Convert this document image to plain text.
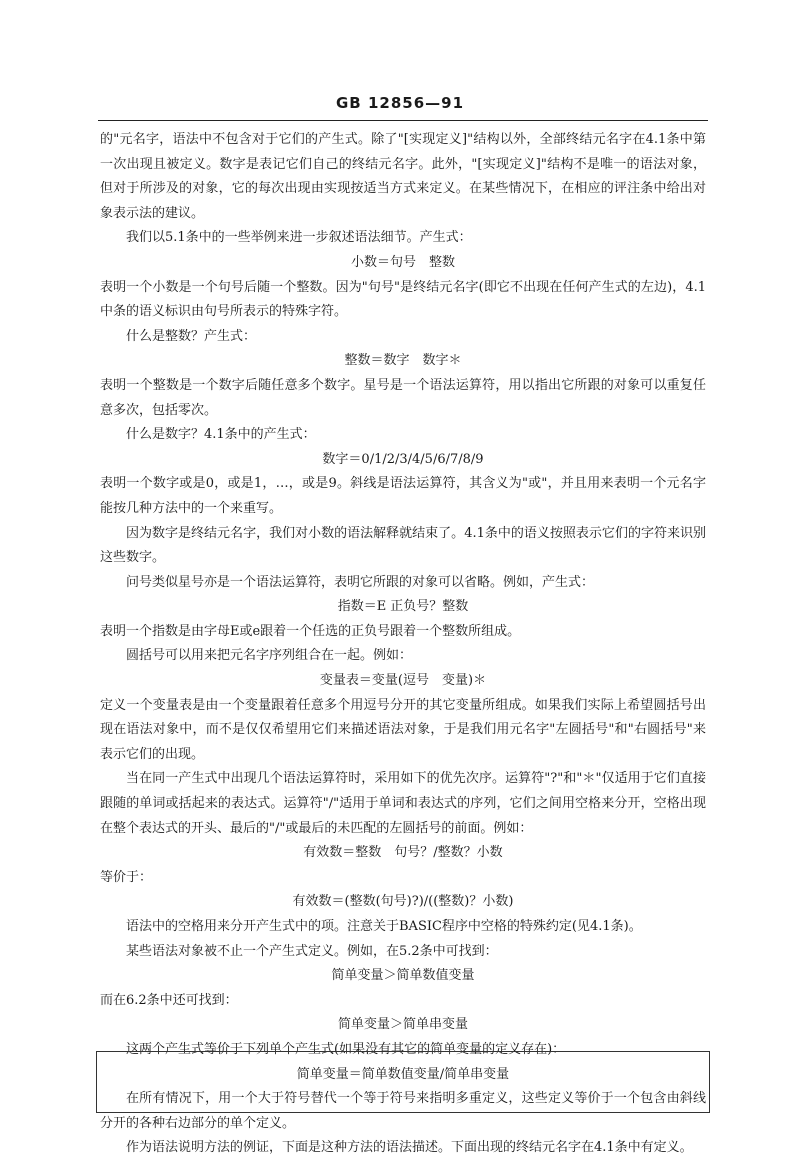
GB 12856—91

的"元名字，语法中不包含对于它们的产生式。除了"[实现定义]"结构以外，全部终结元名字在4.1条中第一次出现且被定义。数字是表记它们自己的终结元名字。此外，"[实现定义]"结构不是唯一的语法对象，但对于所涉及的对象，它的每次出现由实现按适当方式来定义。在某些情况下，在相应的评注条中给出对象表示法的建议。

我们以5.1条中的一些举例来进一步叙述语法细节。产生式：

小数＝句号　整数

表明一个小数是一个句号后随一个整数。因为"句号"是终结元名字(即它不出现在任何产生式的左边)，4.1中条的语义标识由句号所表示的特殊字符。

什么是整数？产生式：

整数＝数字　数字＊

表明一个整数是一个数字后随任意多个数字。星号是一个语法运算符，用以指出它所跟的对象可以重复任意多次，包括零次。

什么是数字？4.1条中的产生式：

数字＝0/1/2/3/4/5/6/7/8/9

表明一个数字或是0，或是1，…，或是9。斜线是语法运算符，其含义为"或"，并且用来表明一个元名字能按几种方法中的一个来重写。

因为数字是终结元名字，我们对小数的语法解释就结束了。4.1条中的语义按照表示它们的字符来识别这些数字。

问号类似星号亦是一个语法运算符，表明它所跟的对象可以省略。例如，产生式：

指数＝E 正负号？整数

表明一个指数是由字母E或e跟着一个任选的正负号跟着一个整数所组成。

圆括号可以用来把元名字序列组合在一起。例如：

变量表＝变量(逗号　变量)＊

定义一个变量表是由一个变量跟着任意多个用逗号分开的其它变量所组成。如果我们实际上希望圆括号出现在语法对象中，而不是仅仅希望用它们来描述语法对象，于是我们用元名字"左圆括号"和"右圆括号"来表示它们的出现。

当在同一产生式中出现几个语法运算符时，采用如下的优先次序。运算符"?"和"＊"仅适用于它们直接跟随的单词或括起来的表达式。运算符"/"适用于单词和表达式的序列，它们之间用空格来分开，空格出现在整个表达式的开头、最后的"/"或最后的未匹配的左圆括号的前面。例如：

有效数＝整数　句号？/整数？小数

等价于：

有效数＝(整数(句号)?)/((整数)？小数)

语法中的空格用来分开产生式中的项。注意关于BASIC程序中空格的特殊约定(见4.1条)。

某些语法对象被不止一个产生式定义。例如，在5.2条中可找到：

简单变量＞简单数值变量

而在6.2条中还可找到：

简单变量＞简单串变量

这两个产生式等价于下列单个产生式(如果没有其它的简单变量的定义存在)：

简单变量＝简单数值变量/简单串变量

在所有情况下，用一个大于符号替代一个等于符号来指明多重定义，这些定义等价于一个包含由斜线分开的各种右边部分的单个定义。

作为语法说明方法的例证，下面是这种方法的语法描述。下面出现的终结元名字在4.1条中有定义。
